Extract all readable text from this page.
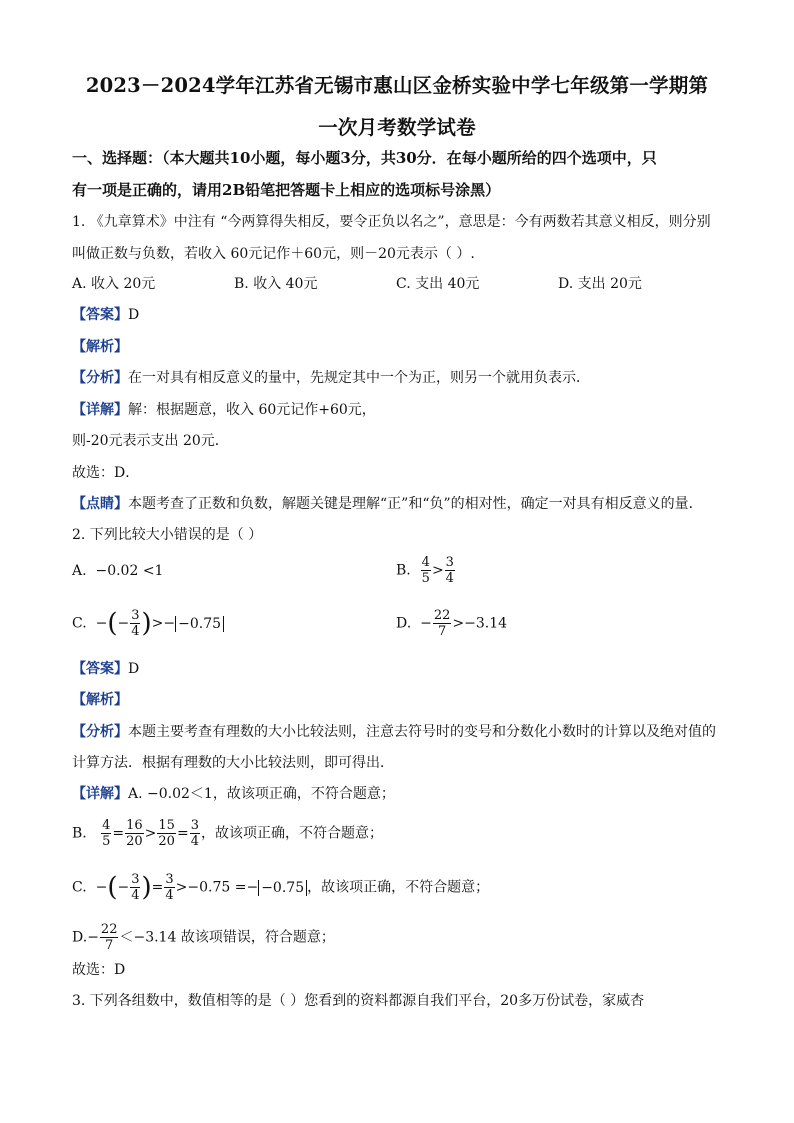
2023－2024学年江苏省无锡市惠山区金桥实验中学七年级第一学期第
一次月考数学试卷
一、选择题：（本大题共10小题，每小题3分，共30分．在每小题所给的四个选项中，只
有一项是正确的，请用2B铅笔把答题卡上相应的选项标号涂黑）
1. 《九章算术》中注有 “今两算得失相反，要令正负以名之”，意思是：今有两数若其意义相反，则分别
叫做正数与负数，若收入 60元记作＋60元，则－20元表示（ ）.
A. 收入 20元	B. 收入 40元	C. 支出 40元	D. 支出 20元
【答案】D
【解析】
【分析】在一对具有相反意义的量中，先规定其中一个为正，则另一个就用负表示．
【详解】解：根据题意，收入 60元记作+60元，
则-20元表示支出 20元．
故选：D．
【点睛】本题考查了正数和负数，解题关键是理解“正”和“负”的相对性，确定一对具有相反意义的量．
2. 下列比较大小错误的是（ ）
A. −0.02 <1	B. $\frac{4}{5} > \frac{3}{4}$
C. −(− $\frac{3}{4}$ )>− −0.75	D. − $\frac{22}{7} >-3.14$
【答案】D
【解析】
【分析】本题主要考查有理数的大小比较法则，注意去符号时的变号和分数化小数时的计算以及绝对值的
计算方法．根据有理数的大小比较法则，即可得出．
【详解】A. −0.02＜1，故该项正确，不符合题意；
B. $\frac{4}{5} = \frac{16}{20} > \frac{15}{20} = \frac{3}{4}$ ，故该项正确，不符合题意；
C. −(− $\frac{3}{4}$ )= $\frac{3}{4} >-0.75 =- -0.75$ ，故该项正确，不符合题意；
$D.- \frac{22}{7} <-3.14$ 故该项错误，符合题意；
故选：D
3. 下列各组数中，数值相等的是（ ）您看到的资料都源自我们平台，20多万份试卷，家威杏
